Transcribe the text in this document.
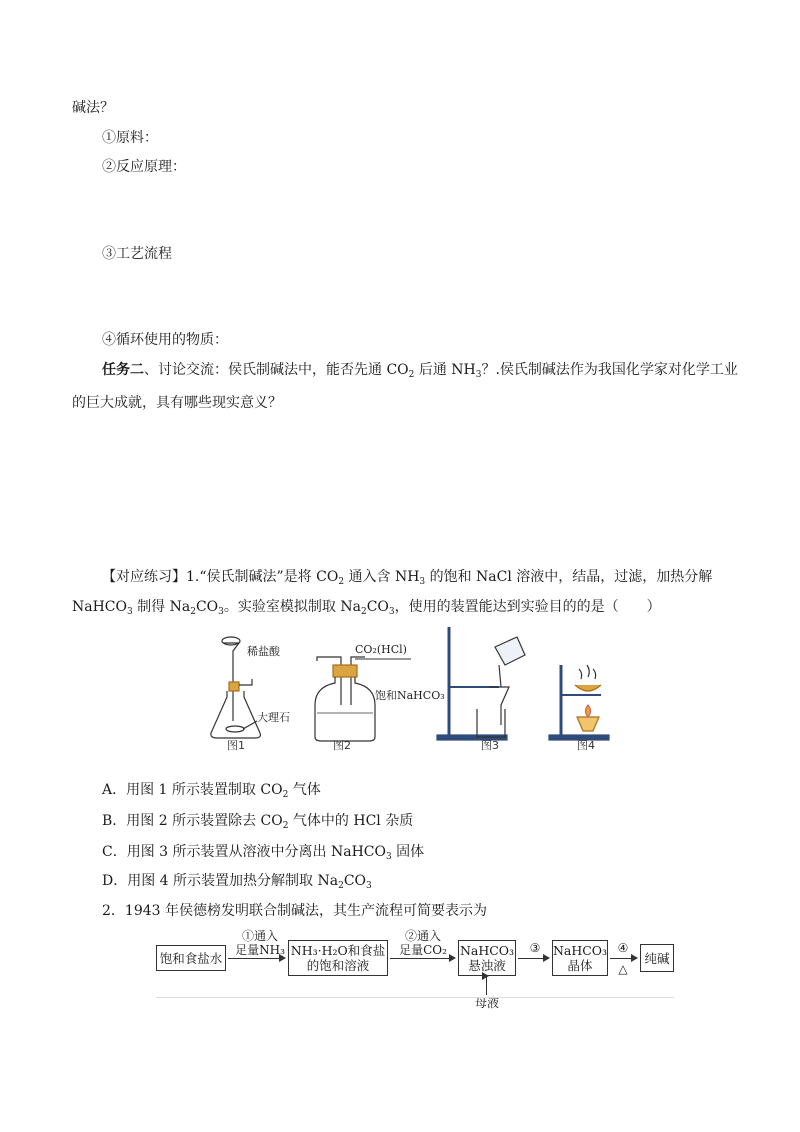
碱法？
①原料：
②反应原理：
③工艺流程
④循环使用的物质：
任务二、讨论交流：侯氏制碱法中，能否先通 $CO_2$ 后通 $NH_3$？.侯氏制碱法作为我国化学家对化学工业
的巨大成就，具有哪些现实意义？
【对应练习】1.“侯氏制碱法”是将 $CO_2$ 通入含 $NH_3$ 的饱和 NaCl 溶液中，结晶，过滤，加热分解
NaHCO$_3$ 制得 $Na_2CO_3$。实验室模拟制取 $Na_2CO_3$，使用的装置能达到实验目的的是（　　）
稀盐酸
大理石
图1
CO₂(HCl)
饱和NaHCO₃
图2	图3	图4
A．用图 1 所示装置制取 $CO_2$ 气体
B．用图 2 所示装置除去 $CO_2$ 气体中的 HCl 杂质
C．用图 3 所示装置从溶液中分离出 NaHCO$_3$ 固体
D．用图 4 所示装置加热分解制取 $Na_2CO_3$
2．1943 年侯德榜发明联合制碱法，其生产流程可简要表示为
饱和食盐水
①通入
足量NH₃ NH₃·H₂O和食盐
的饱和溶液
②通入
足量CO₂	NaHCO₃
悬浊液
母液
③	NaHCO₃
晶体
④
△
纯碱
